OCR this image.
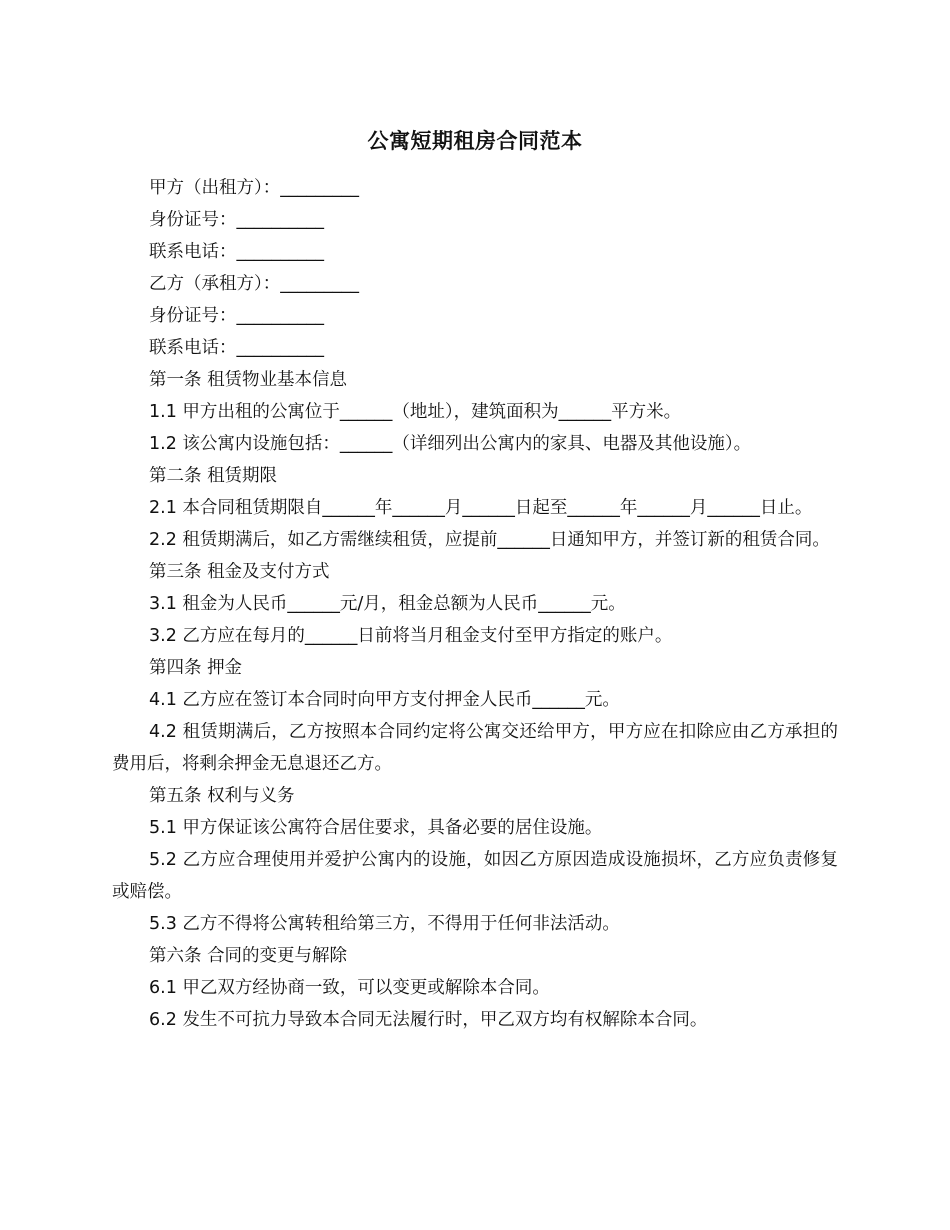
公寓短期租房合同范本

甲方（出租方）：_________

身份证号：__________

联系电话：__________

乙方（承租方）：_________

身份证号：__________

联系电话：__________

第一条 租赁物业基本信息

1.1 甲方出租的公寓位于______（地址），建筑面积为______平方米。

1.2 该公寓内设施包括：______（详细列出公寓内的家具、电器及其他设施）。

第二条 租赁期限

2.1 本合同租赁期限自______年______月______日起至______年______月______日止。

2.2 租赁期满后，如乙方需继续租赁，应提前______日通知甲方，并签订新的租赁合同。

第三条 租金及支付方式

3.1 租金为人民币______元/月，租金总额为人民币______元。

3.2 乙方应在每月的______日前将当月租金支付至甲方指定的账户。

第四条 押金

4.1 乙方应在签订本合同时向甲方支付押金人民币______元。

4.2 租赁期满后，乙方按照本合同约定将公寓交还给甲方，甲方应在扣除应由乙方承担的费用后，将剩余押金无息退还乙方。

第五条 权利与义务

5.1 甲方保证该公寓符合居住要求，具备必要的居住设施。

5.2 乙方应合理使用并爱护公寓内的设施，如因乙方原因造成设施损坏，乙方应负责修复或赔偿。

5.3 乙方不得将公寓转租给第三方，不得用于任何非法活动。

第六条 合同的变更与解除

6.1 甲乙双方经协商一致，可以变更或解除本合同。

6.2 发生不可抗力导致本合同无法履行时，甲乙双方均有权解除本合同。
